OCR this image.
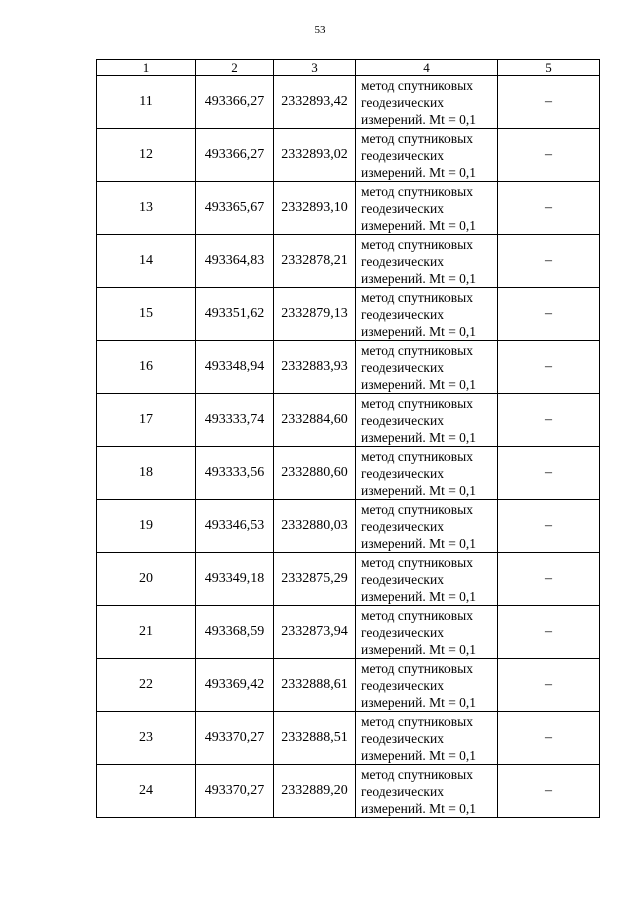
53
1	2	3	4	5
11	493366,27	2332893,42	метод спутниковых
геодезических
измерений. Mt = 0,1	–
12	493366,27	2332893,02	метод спутниковых
геодезических
измерений. Mt = 0,1	–
13	493365,67	2332893,10	метод спутниковых
геодезических
измерений. Mt = 0,1	–
14	493364,83	2332878,21	метод спутниковых
геодезических
измерений. Mt = 0,1	–
15	493351,62	2332879,13	метод спутниковых
геодезических
измерений. Mt = 0,1	–
16	493348,94	2332883,93	метод спутниковых
геодезических
измерений. Mt = 0,1	–
17	493333,74	2332884,60	метод спутниковых
геодезических
измерений. Mt = 0,1	–
18	493333,56	2332880,60	метод спутниковых
геодезических
измерений. Mt = 0,1	–
19	493346,53	2332880,03	метод спутниковых
геодезических
измерений. Mt = 0,1	–
20	493349,18	2332875,29	метод спутниковых
геодезических
измерений. Mt = 0,1	–
21	493368,59	2332873,94	метод спутниковых
геодезических
измерений. Mt = 0,1	–
22	493369,42	2332888,61	метод спутниковых
геодезических
измерений. Mt = 0,1	–
23	493370,27	2332888,51	метод спутниковых
геодезических
измерений. Mt = 0,1	–
24	493370,27	2332889,20	метод спутниковых
геодезических
измерений. Mt = 0,1	–
